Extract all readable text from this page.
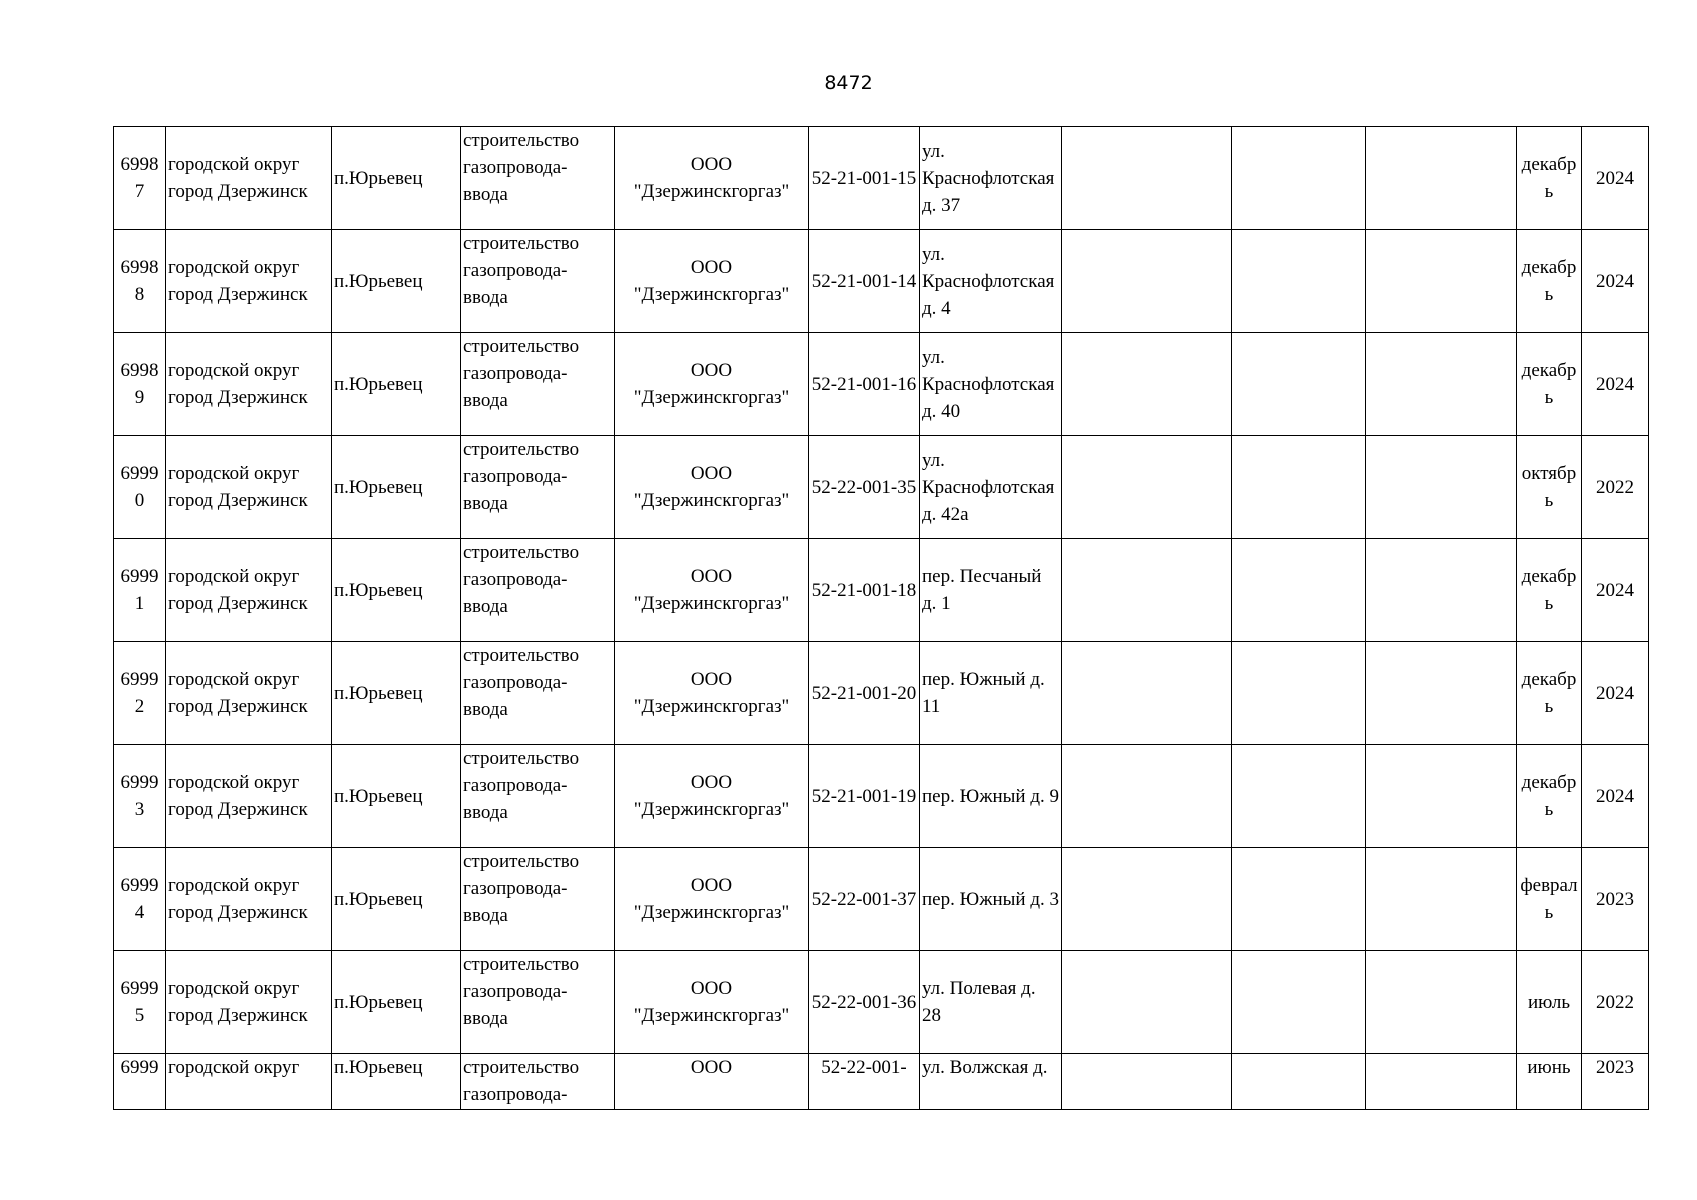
8472
69987	городской округ город Дзержинск	п.Юрьевец	строительство газопровода-ввода	ООО "Дзержинскгоргаз"	52-21-001-15	ул. Краснофлотская д. 37				декабрь	2024
69988	городской округ город Дзержинск	п.Юрьевец	строительство газопровода-ввода	ООО "Дзержинскгоргаз"	52-21-001-14	ул. Краснофлотская д. 4				декабрь	2024
69989	городской округ город Дзержинск	п.Юрьевец	строительство газопровода-ввода	ООО "Дзержинскгоргаз"	52-21-001-16	ул. Краснофлотская д. 40				декабрь	2024
69990	городской округ город Дзержинск	п.Юрьевец	строительство газопровода-ввода	ООО "Дзержинскгоргаз"	52-22-001-35	ул. Краснофлотская д. 42а				октябрь	2022
69991	городской округ город Дзержинск	п.Юрьевец	строительство газопровода-ввода	ООО "Дзержинскгоргаз"	52-21-001-18	пер. Песчаный д. 1				декабрь	2024
69992	городской округ город Дзержинск	п.Юрьевец	строительство газопровода-ввода	ООО "Дзержинскгоргаз"	52-21-001-20	пер. Южный д. 11				декабрь	2024
69993	городской округ город Дзержинск	п.Юрьевец	строительство газопровода-ввода	ООО "Дзержинскгоргаз"	52-21-001-19	пер. Южный д. 9				декабрь	2024
69994	городской округ город Дзержинск	п.Юрьевец	строительство газопровода-ввода	ООО "Дзержинскгоргаз"	52-22-001-37	пер. Южный д. 3				февраль	2023
69995	городской округ город Дзержинск	п.Юрьевец	строительство газопровода-ввода	ООО "Дзержинскгоргаз"	52-22-001-36	ул. Полевая д. 28				июль	2022
6999	городской округ	п.Юрьевец	строительство газопровода-	ООО	52-22-001-	ул. Волжская д.				июнь	2023
